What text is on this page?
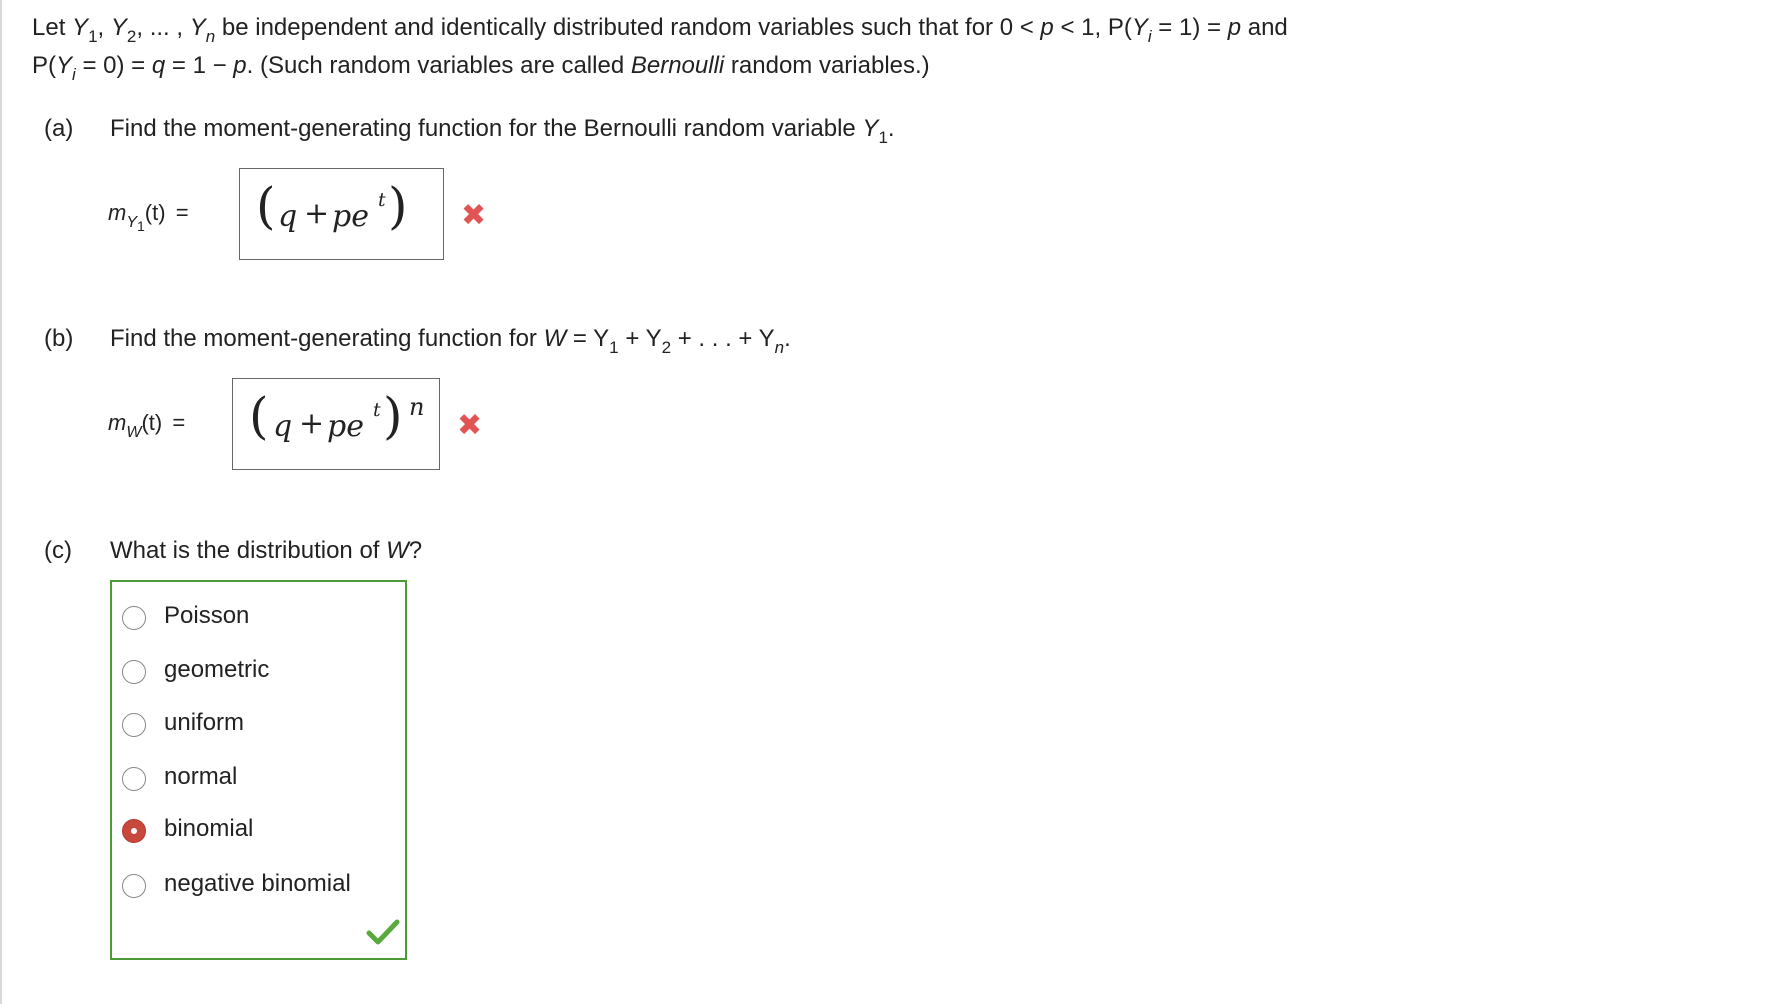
Let $Y_1$, $Y_2$, ... , $Y_n$ be independent and identically distributed random variables such that for 0 < p < 1, $P(Y_i = 1) = p$ and
$P(Y_i = 0) = q = 1 - p$. (Such random variables are called Bernoulli random variables.)
(a) Find the moment-generating function for the Bernoulli random variable $Y_1$.
$m_{Y_1}(t)$ = ( q + pe t ) ✖
(b) Find the moment-generating function for $W = Y_1 + Y_2$ + . . . + $Y_n$.
$m_W(t)$ = ( q + pe t ) n
✖
(c) What is the distribution of W?
Poisson
geometric
uniform
normal
binomial
negative binomial
